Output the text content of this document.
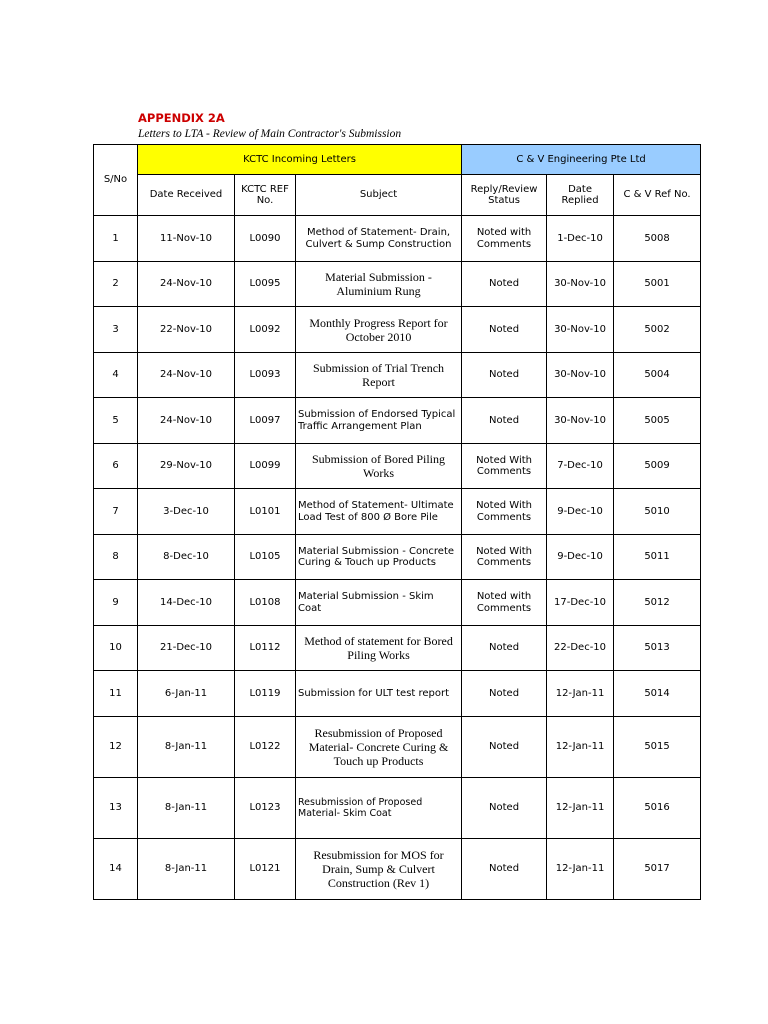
APPENDIX 2A
Letters to LTA - Review of Main Contractor's Submission
S/No	KCTC Incoming Letters			C & V Engineering Pte Ltd		
	Date Received	KCTC REF No.	Subject	Reply/Review Status	Date Replied	C & V Ref No.
1	11-Nov-10	L0090	Method of Statement- Drain, Culvert & Sump Construction	Noted with Comments	1-Dec-10	5008
2	24-Nov-10	L0095	Material Submission - Aluminium Rung	Noted	30-Nov-10	5001
3	22-Nov-10	L0092	Monthly Progress Report for October 2010	Noted	30-Nov-10	5002
4	24-Nov-10	L0093	Submission of Trial Trench Report	Noted	30-Nov-10	5004
5	24-Nov-10	L0097	Submission of Endorsed Typical Traffic Arrangement Plan	Noted	30-Nov-10	5005
6	29-Nov-10	L0099	Submission of Bored Piling Works	Noted With Comments	7-Dec-10	5009
7	3-Dec-10	L0101	Method of Statement- Ultimate Load Test of 800 Ø Bore Pile	Noted With Comments	9-Dec-10	5010
8	8-Dec-10	L0105	Material Submission - Concrete Curing & Touch up Products	Noted With Comments	9-Dec-10	5011
9	14-Dec-10	L0108	Material Submission - Skim Coat	Noted with Comments	17-Dec-10	5012
10	21-Dec-10	L0112	Method of statement for Bored Piling Works	Noted	22-Dec-10	5013
11	6-Jan-11	L0119	Submission for ULT test report	Noted	12-Jan-11	5014
12	8-Jan-11	L0122	Resubmission of Proposed Material- Concrete Curing & Touch up Products	Noted	12-Jan-11	5015
13	8-Jan-11	L0123	Resubmission of Proposed Material- Skim Coat	Noted	12-Jan-11	5016
14	8-Jan-11	L0121	Resubmission for MOS for Drain, Sump & Culvert Construction (Rev 1)	Noted	12-Jan-11	5017
